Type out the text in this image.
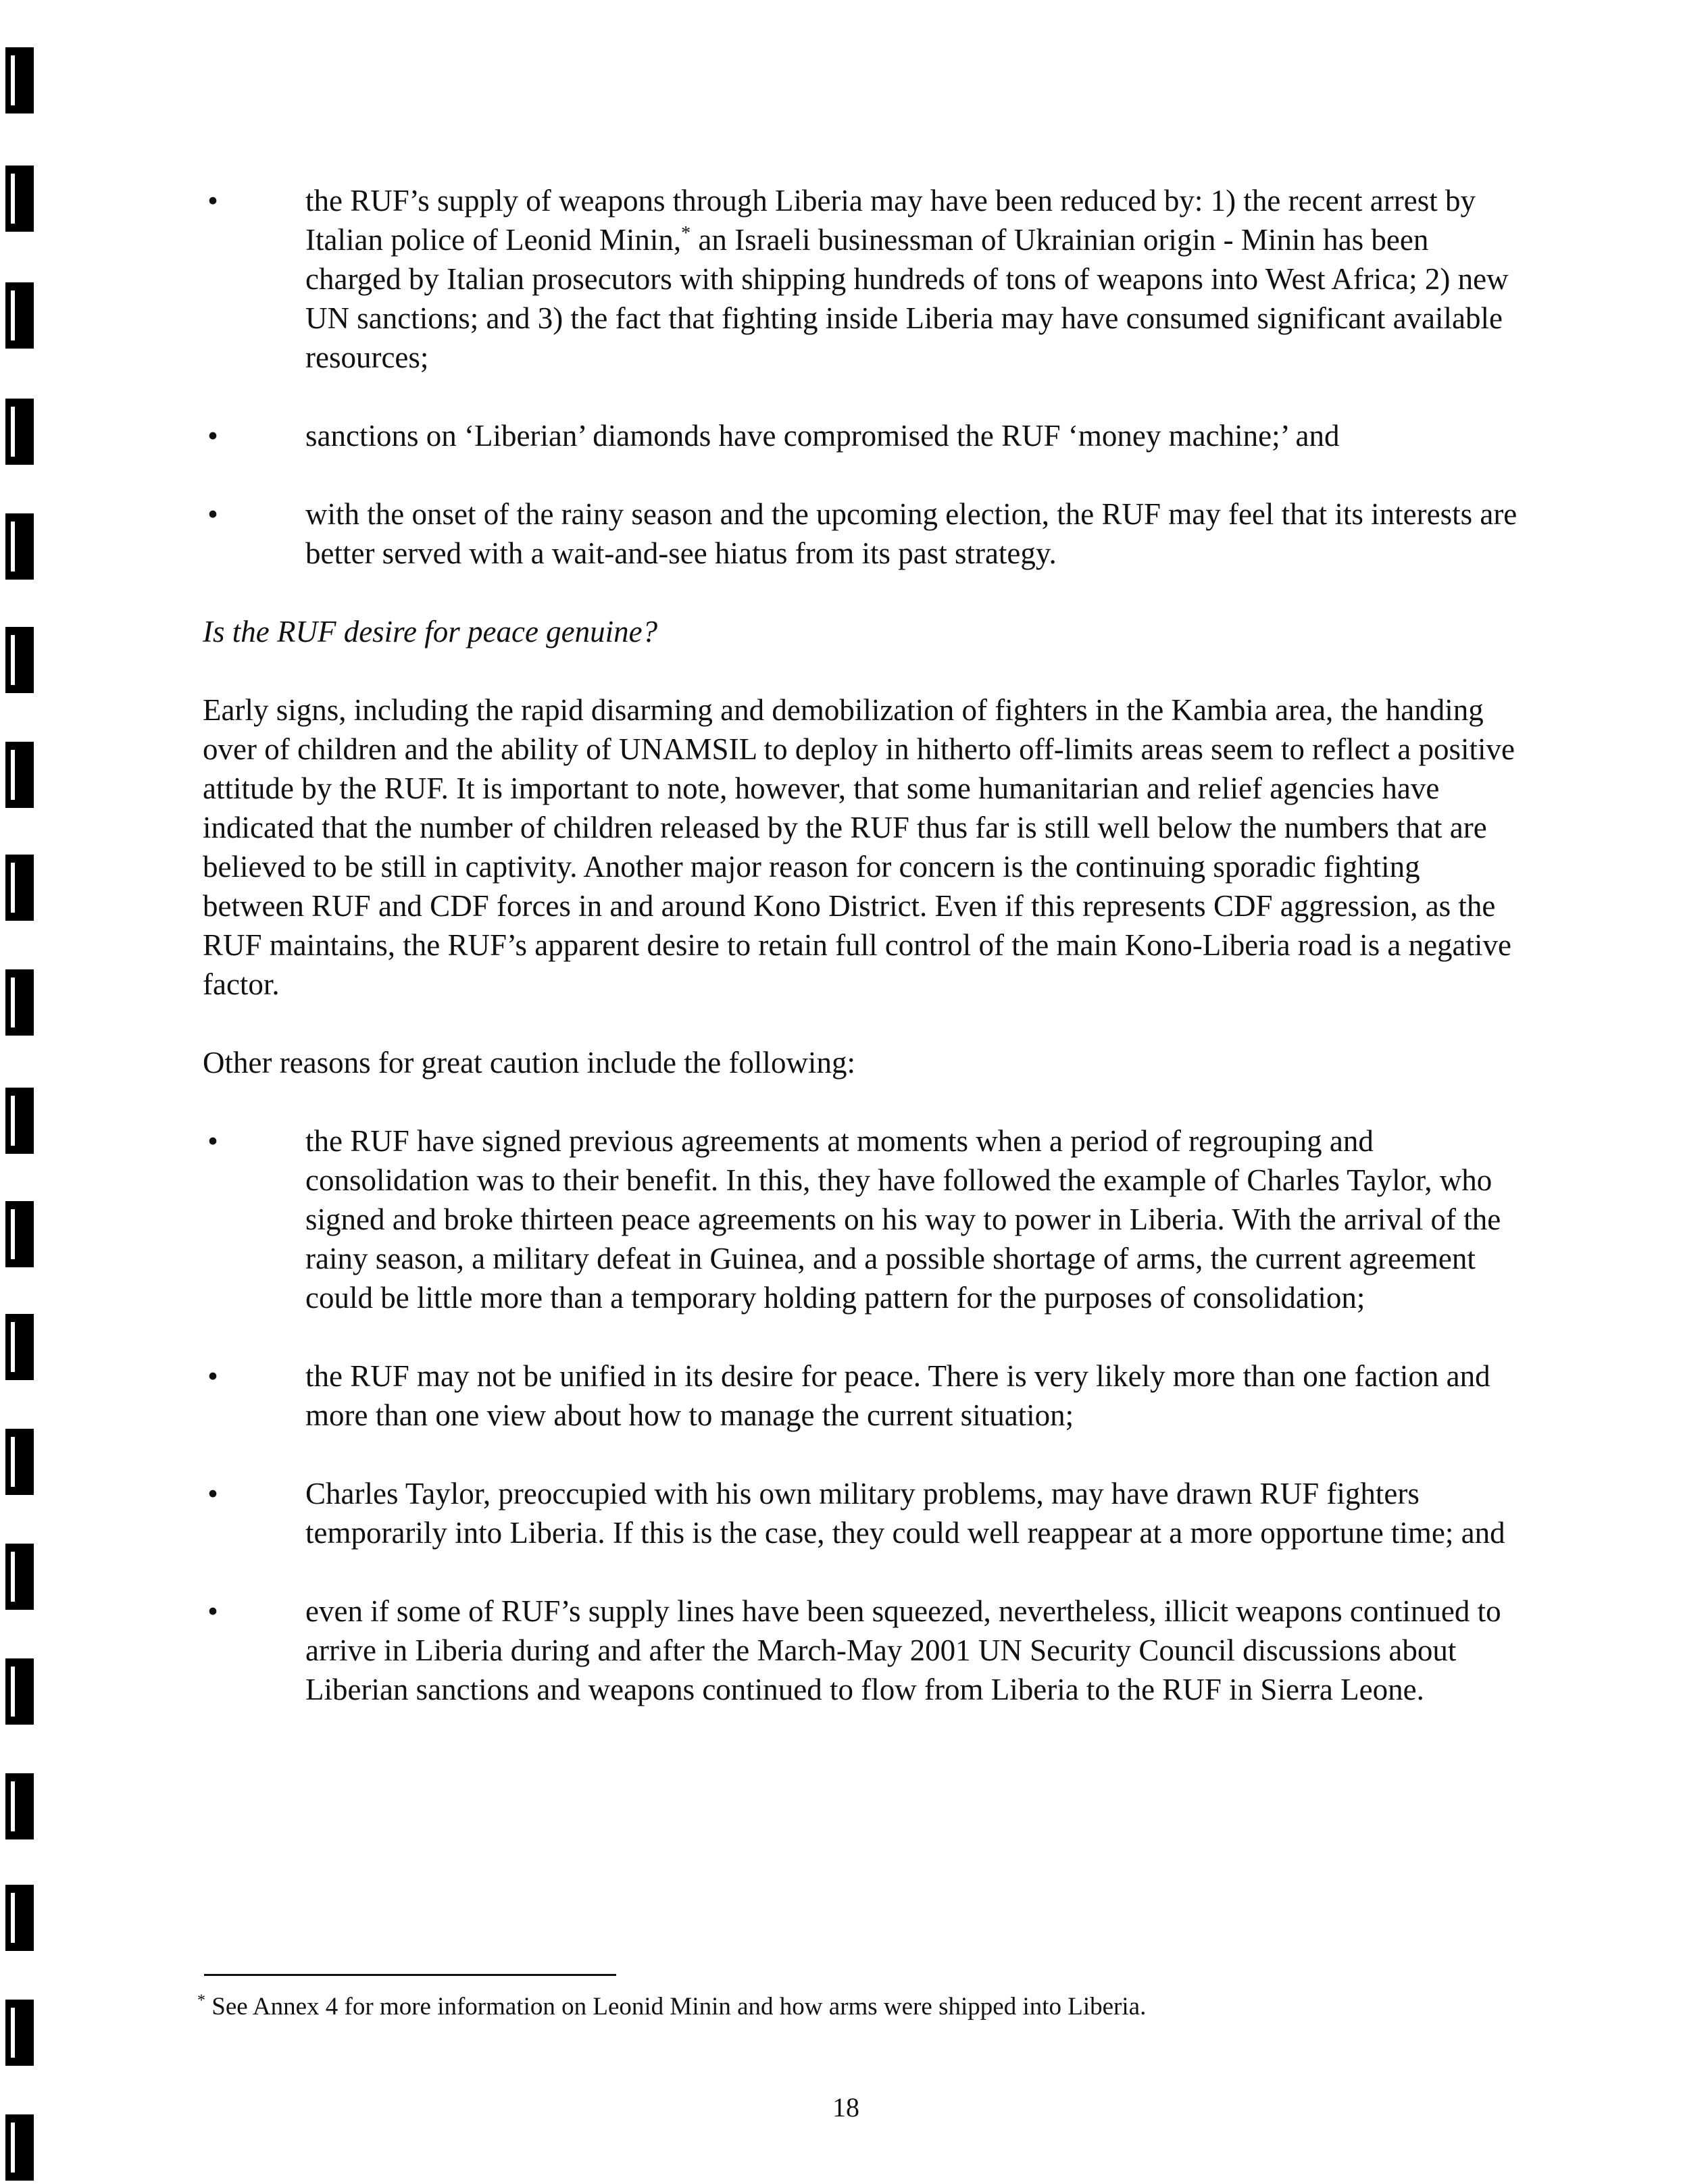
•	the RUF’s supply of weapons through Liberia may have been reduced by: 1) the recent arrest by Italian police of Leonid Minin,* an Israeli businessman of Ukrainian origin - Minin has been charged by Italian prosecutors with shipping hundreds of tons of weapons into West Africa; 2) new UN sanctions; and 3) the fact that fighting inside Liberia may have consumed significant available resources;
•	sanctions on ‘Liberian’ diamonds have compromised the RUF ‘money machine;’ and
•	with the onset of the rainy season and the upcoming election, the RUF may feel that its interests are better served with a wait-and-see hiatus from its past strategy.

Is the RUF desire for peace genuine?

Early signs, including the rapid disarming and demobilization of fighters in the Kambia area, the handing over of children and the ability of UNAMSIL to deploy in hitherto off-limits areas seem to reflect a positive attitude by the RUF. It is important to note, however, that some humanitarian and relief agencies have indicated that the number of children released by the RUF thus far is still well below the numbers that are believed to be still in captivity. Another major reason for concern is the continuing sporadic fighting between RUF and CDF forces in and around Kono District. Even if this represents CDF aggression, as the RUF maintains, the RUF’s apparent desire to retain full control of the main Kono-Liberia road is a negative factor.

Other reasons for great caution include the following:

•	the RUF have signed previous agreements at moments when a period of regrouping and consolidation was to their benefit. In this, they have followed the example of Charles Taylor, who signed and broke thirteen peace agreements on his way to power in Liberia. With the arrival of the rainy season, a military defeat in Guinea, and a possible shortage of arms, the current agreement could be little more than a temporary holding pattern for the purposes of consolidation;
•	the RUF may not be unified in its desire for peace. There is very likely more than one faction and more than one view about how to manage the current situation;
•	Charles Taylor, preoccupied with his own military problems, may have drawn RUF fighters temporarily into Liberia. If this is the case, they could well reappear at a more opportune time; and
•	even if some of RUF’s supply lines have been squeezed, nevertheless, illicit weapons continued to arrive in Liberia during and after the March-May 2001 UN Security Council discussions about Liberian sanctions and weapons continued to flow from Liberia to the RUF in Sierra Leone.
* See Annex 4 for more information on Leonid Minin and how arms were shipped into Liberia.
18
